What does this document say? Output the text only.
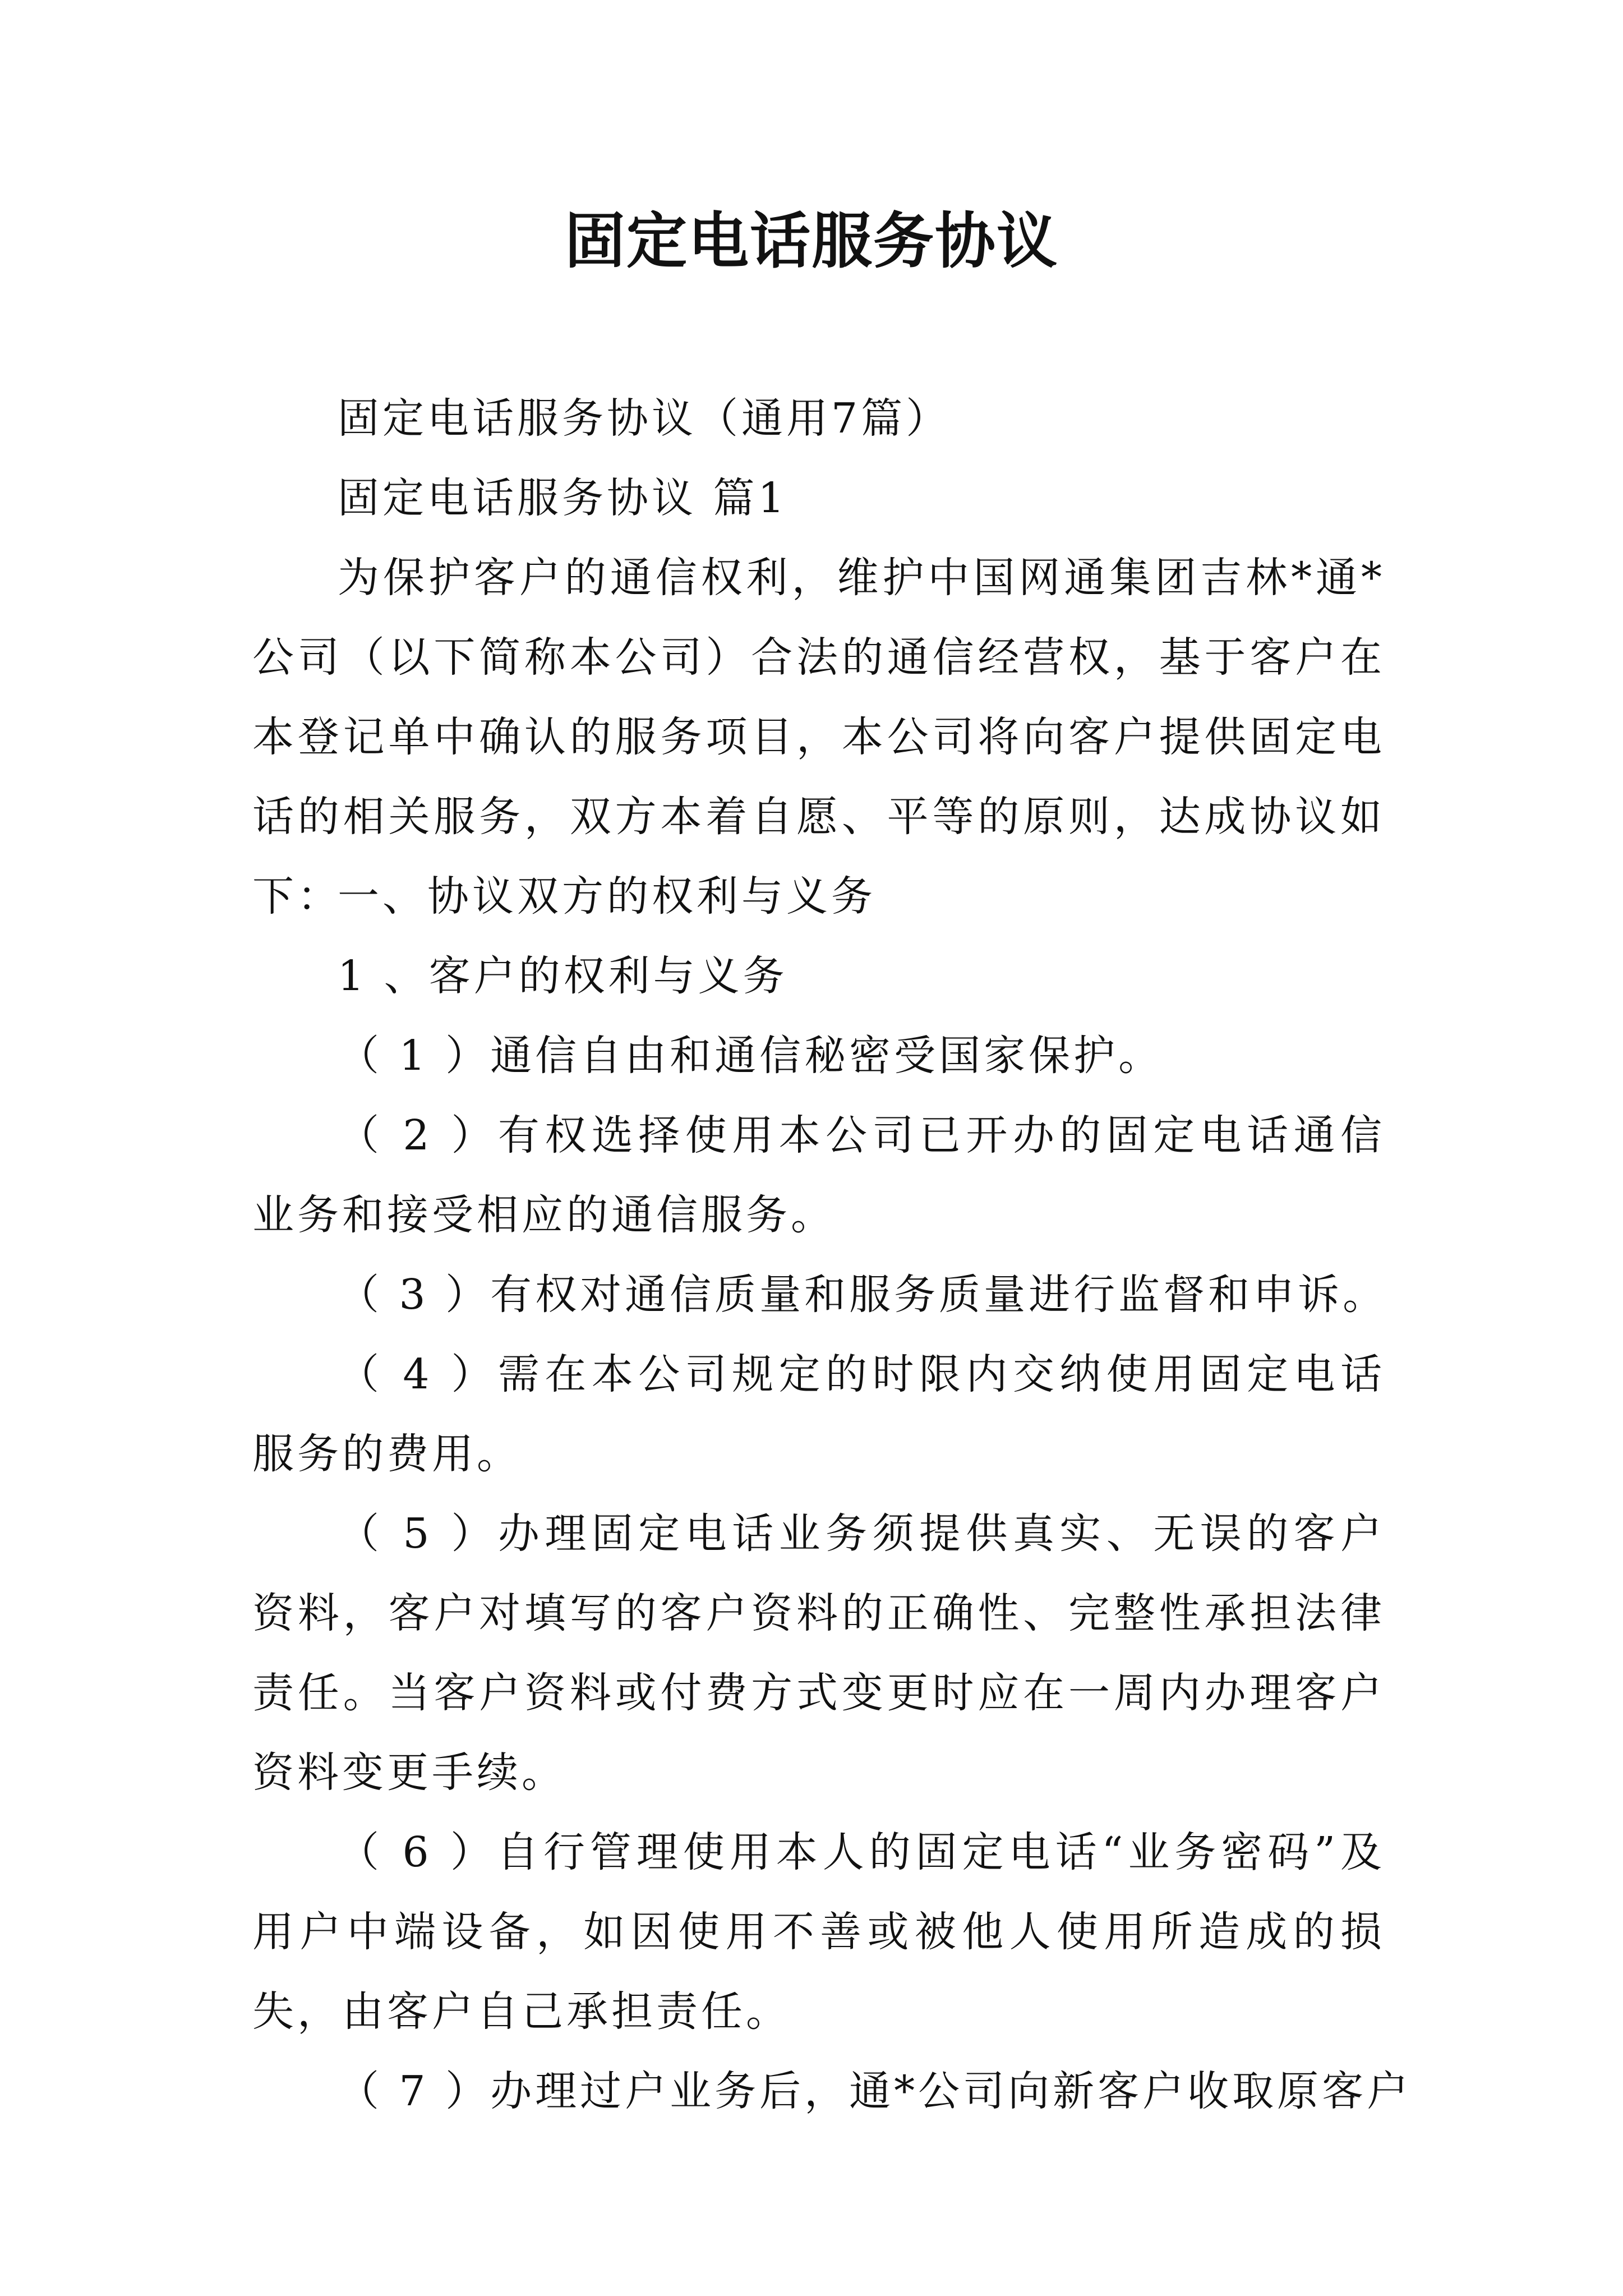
固定电话服务协议

固定电话服务协议（通用7篇）

固定电话服务协议 篇1

为保护客户的通信权利，维护中国网通集团吉林*通*公司（以下简称本公司）合法的通信经营权，基于客户在本登记单中确认的服务项目，本公司将向客户提供固定电话的相关服务，双方本着自愿、平等的原则，达成协议如下：

一、协议双方的权利与义务

1 、客户的权利与义务

（ 1 ）通信自由和通信秘密受国家保护。

（ 2 ）有权选择使用本公司已开办的固定电话通信业务和接受相应的通信服务。

（ 3 ）有权对通信质量和服务质量进行监督和申诉。

（ 4 ）需在本公司规定的时限内交纳使用固定电话服务的费用。

（ 5 ）办理固定电话业务须提供真实、无误的客户资料，客户对填写的客户资料的正确性、完整性承担法律责任。当客户资料或付费方式变更时应在一周内办理客户资料变更手续。

（ 6 ）自行管理使用本人的固定电话“业务密码”及用户中端设备，如因使用不善或被他人使用所造成的损失，由客户自己承担责任。

（ 7 ）办理过户业务后，通*公司向新客户收取原客户
